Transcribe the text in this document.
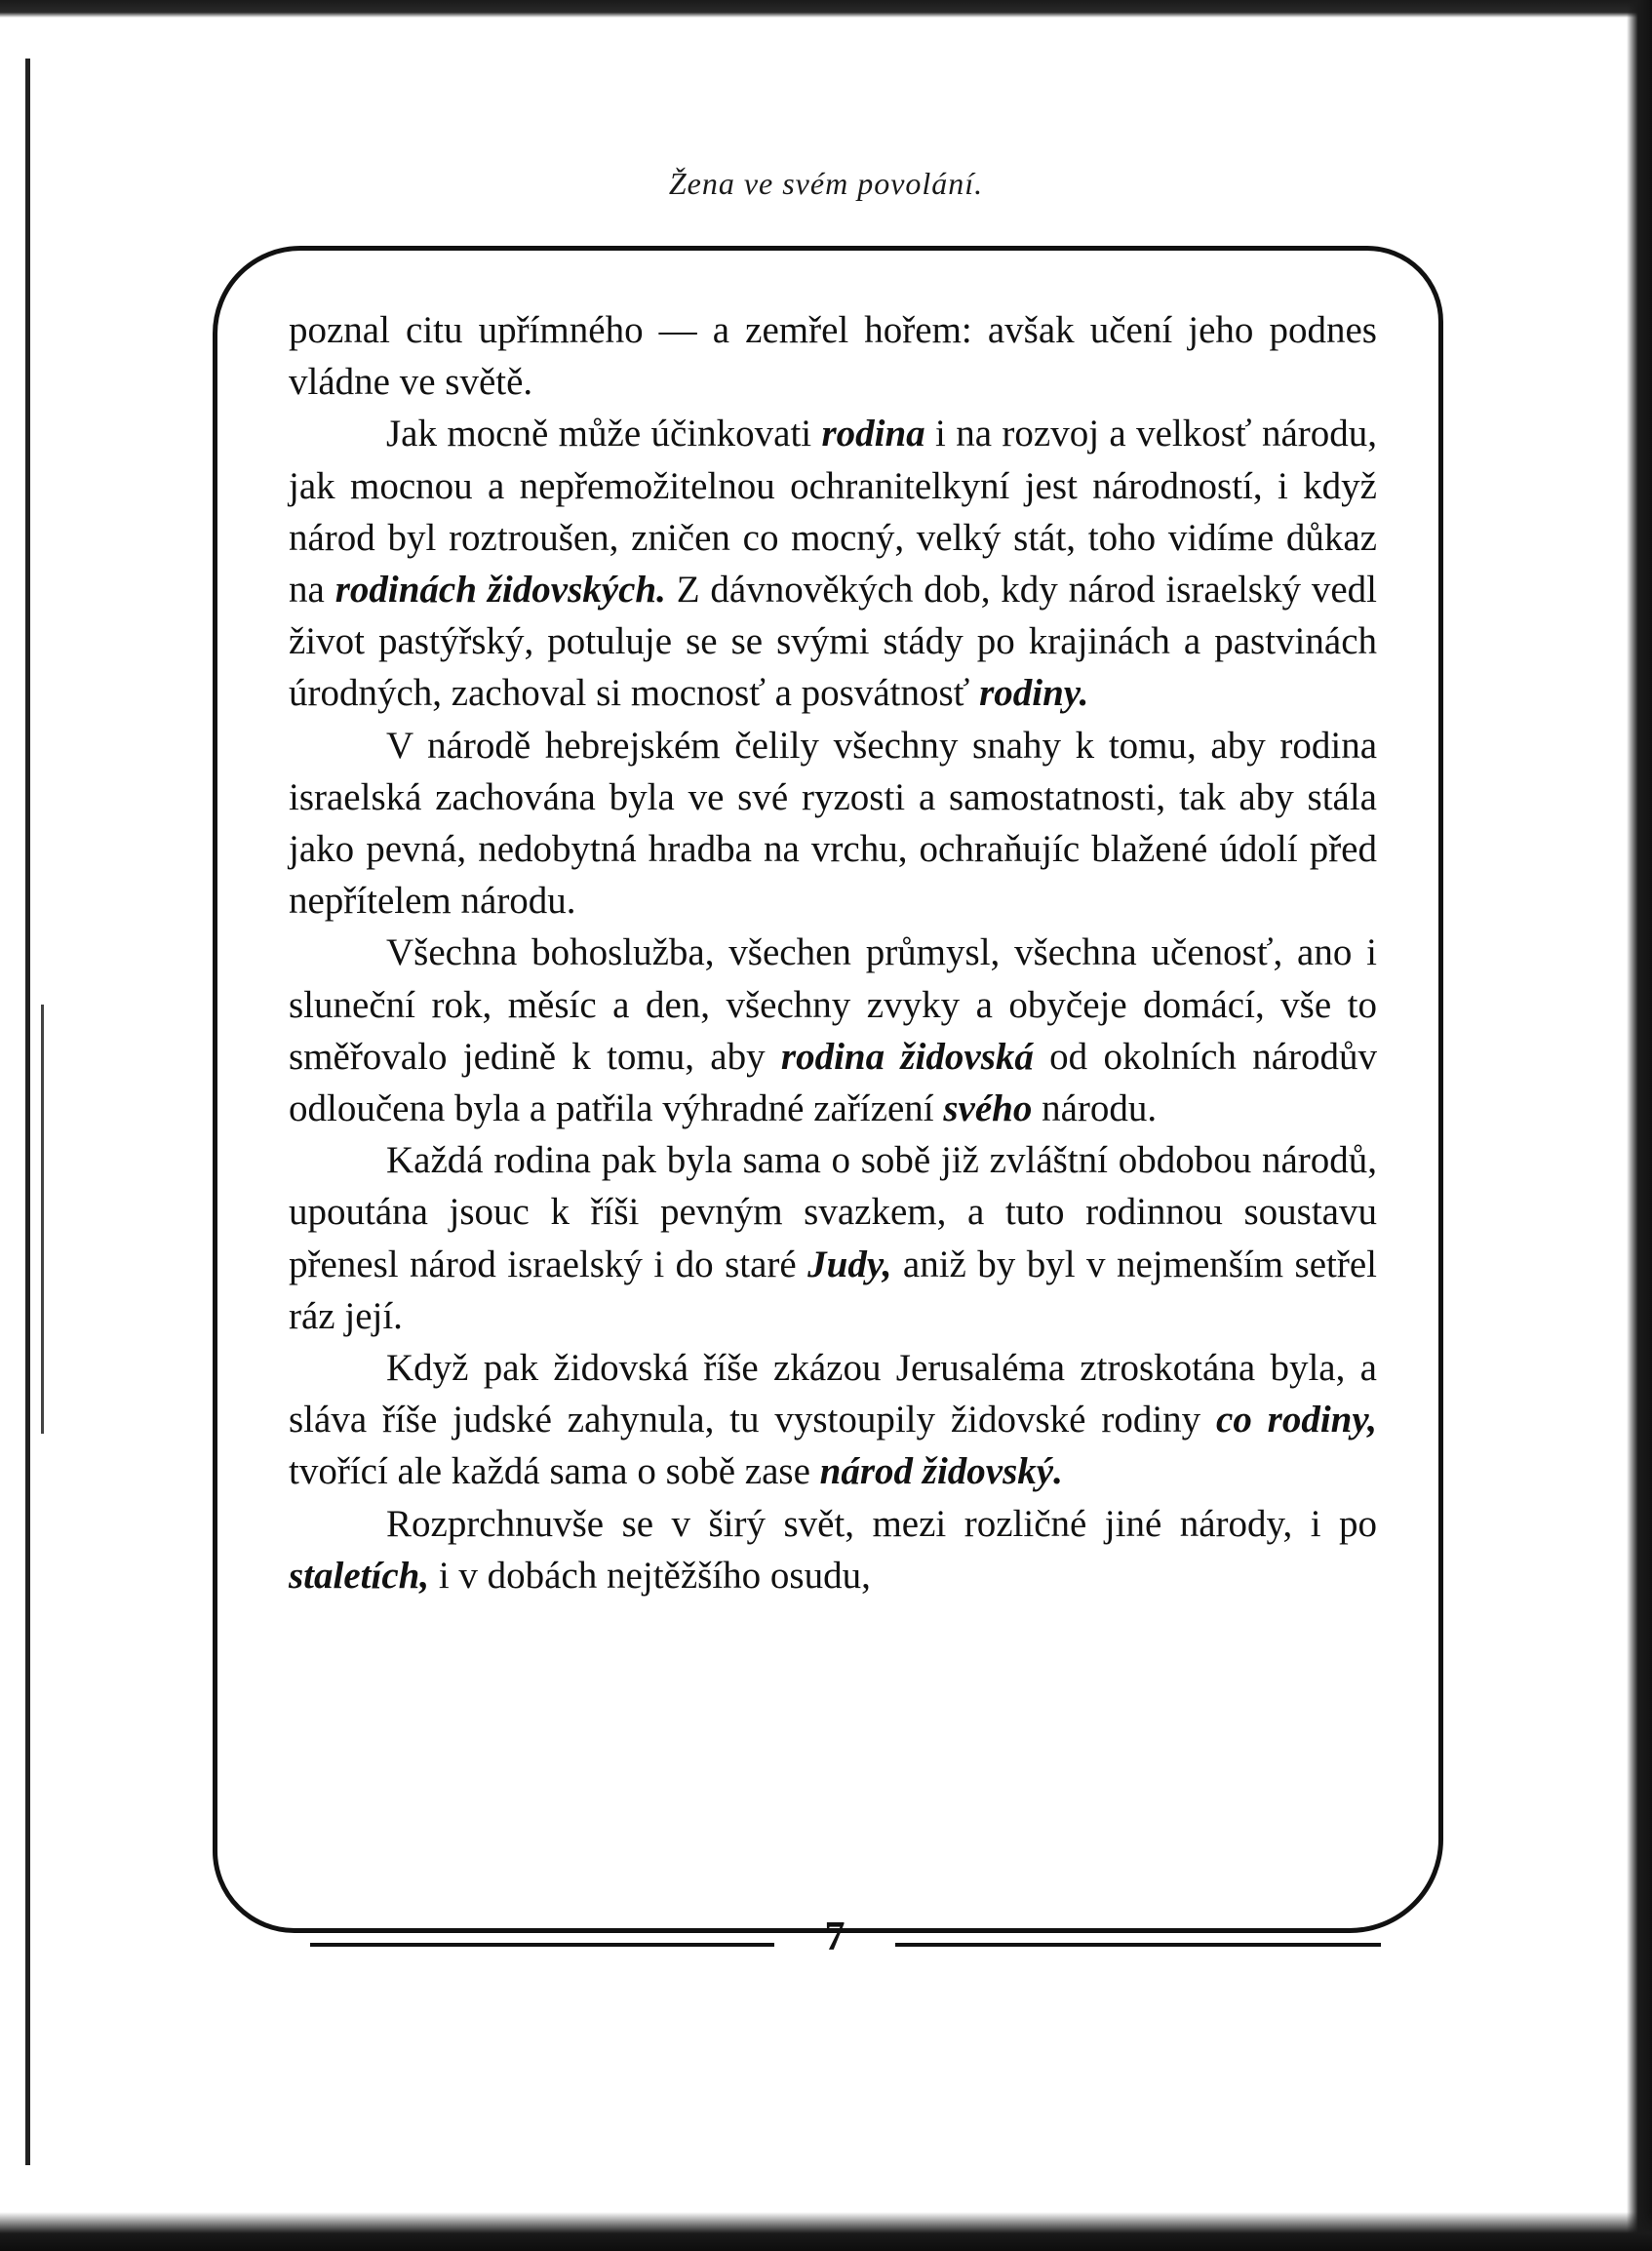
Žena ve svém povolání.

poznal citu upřímného — a zemřel hořem: avšak učení jeho podnes vládne ve světě.

Jak mocně může účinkovati rodina i na rozvoj a velkosť národu, jak mocnou a nepřemožitelnou ochranitelkyní jest národností, i když národ byl roztroušen, zničen co mocný, velký stát, toho vidíme důkaz na rodinách židovských. Z dávnověkých dob, kdy národ israelský vedl život pastýřský, potuluje se se svými stády po krajinách a pastvinách úrodných, zachoval si mocnosť a posvátnosť rodiny.

V národě hebrejském čelily všechny snahy k tomu, aby rodina israelská zachována byla ve své ryzosti a samostatnosti, tak aby stála jako pevná, nedobytná hradba na vrchu, ochraňujíc blažené údolí před nepřítelem národu.

Všechna bohoslužba, všechen průmysl, všechna učenosť, ano i sluneční rok, měsíc a den, všechny zvyky a obyčeje domácí, vše to směřovalo jedině k tomu, aby rodina židovská od okolních národův odloučena byla a patřila výhradné zařízení svého národu.

Každá rodina pak byla sama o sobě již zvláštní obdobou národů, upoutána jsouc k říši pevným svazkem, a tuto rodinnou soustavu přenesl národ israelský i do staré Judy, aniž by byl v nejmenším setřel ráz její.

Když pak židovská říše zkázou Jerusaléma ztroskotána byla, a sláva říše judské zahynula, tu vystoupily židovské rodiny co rodiny, tvořící ale každá sama o sobě zase národ židovský.

Rozprchnuvše se v širý svět, mezi rozličné jiné národy, i po staletích, i v dobách nejtěžšího osudu,

7
